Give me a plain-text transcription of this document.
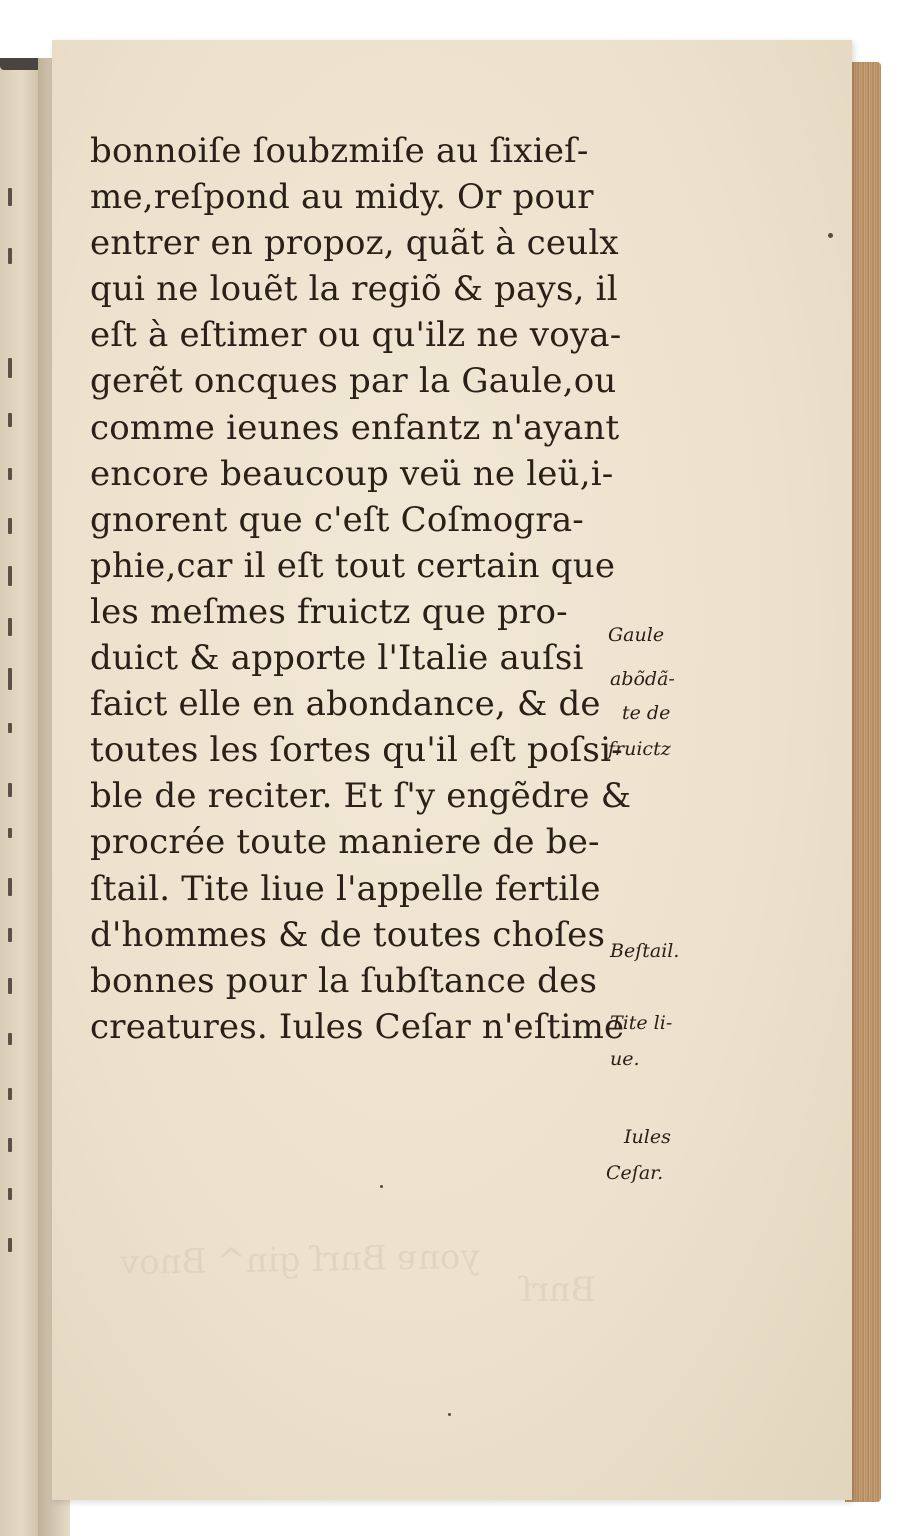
yonɐ Bnrſ gin^ Bnov
Bnrſ
bonnoiſe ſoubzmiſe au ſixieſ-
me,reſpond au midy. Or pour
entrer en propoz, quãt à ceulx
qui ne louẽt la regiõ & pays, il
eſt à eſtimer ou qu'ilz ne voya-
gerẽt oncques par la Gaule,ou
comme ieunes enfantz n'ayant
encore beaucoup veü ne leü,i-
gnorent que c'eſt Coſmogra-
phie,car il eſt tout certain que
les meſmes fruictz que pro-
duict & apporte l'Italie auſsi
faict elle en abondance, & de
toutes les ſortes qu'il eſt poſsi-
ble de reciter. Et ſ'y engẽdre &
procrée toute maniere de be-
ſtail. Tite liue l'appelle fertile
d'hommes & de toutes choſes
bonnes pour la ſubſtance des
creatures. Iules Ceſar n'eſtime
Gaule
abõdã-
te de
fruictz
Beſtail.
Tite li-
ue.
Iules
Ceſar.
